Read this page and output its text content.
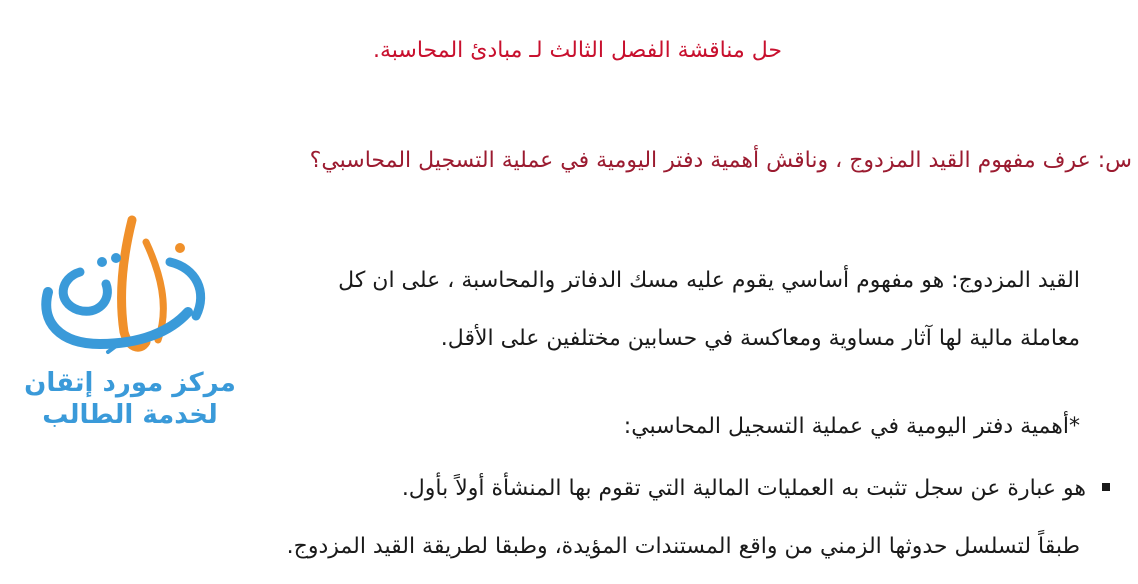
حل مناقشة الفصل الثالث لـ مبادئ المحاسبة.
س: عرف مفهوم القيد المزدوج ، وناقش أهمية دفتر اليومية في عملية التسجيل المحاسبي؟
القيد المزدوج: هو مفهوم أساسي يقوم عليه مسك الدفاتر والمحاسبة ، على ان كل
معاملة مالية لها آثار مساوية ومعاكسة في حسابين مختلفين على الأقل.
*أهمية دفتر اليومية في عملية التسجيل المحاسبي:
هو عبارة عن سجل تثبت به العمليات المالية التي تقوم بها المنشأة أولاً بأول.
طبقاً لتسلسل حدوثها الزمني من واقع المستندات المؤيدة، وطبقا لطريقة القيد المزدوج.
مركز مورد إتقان
لخدمة الطالب
